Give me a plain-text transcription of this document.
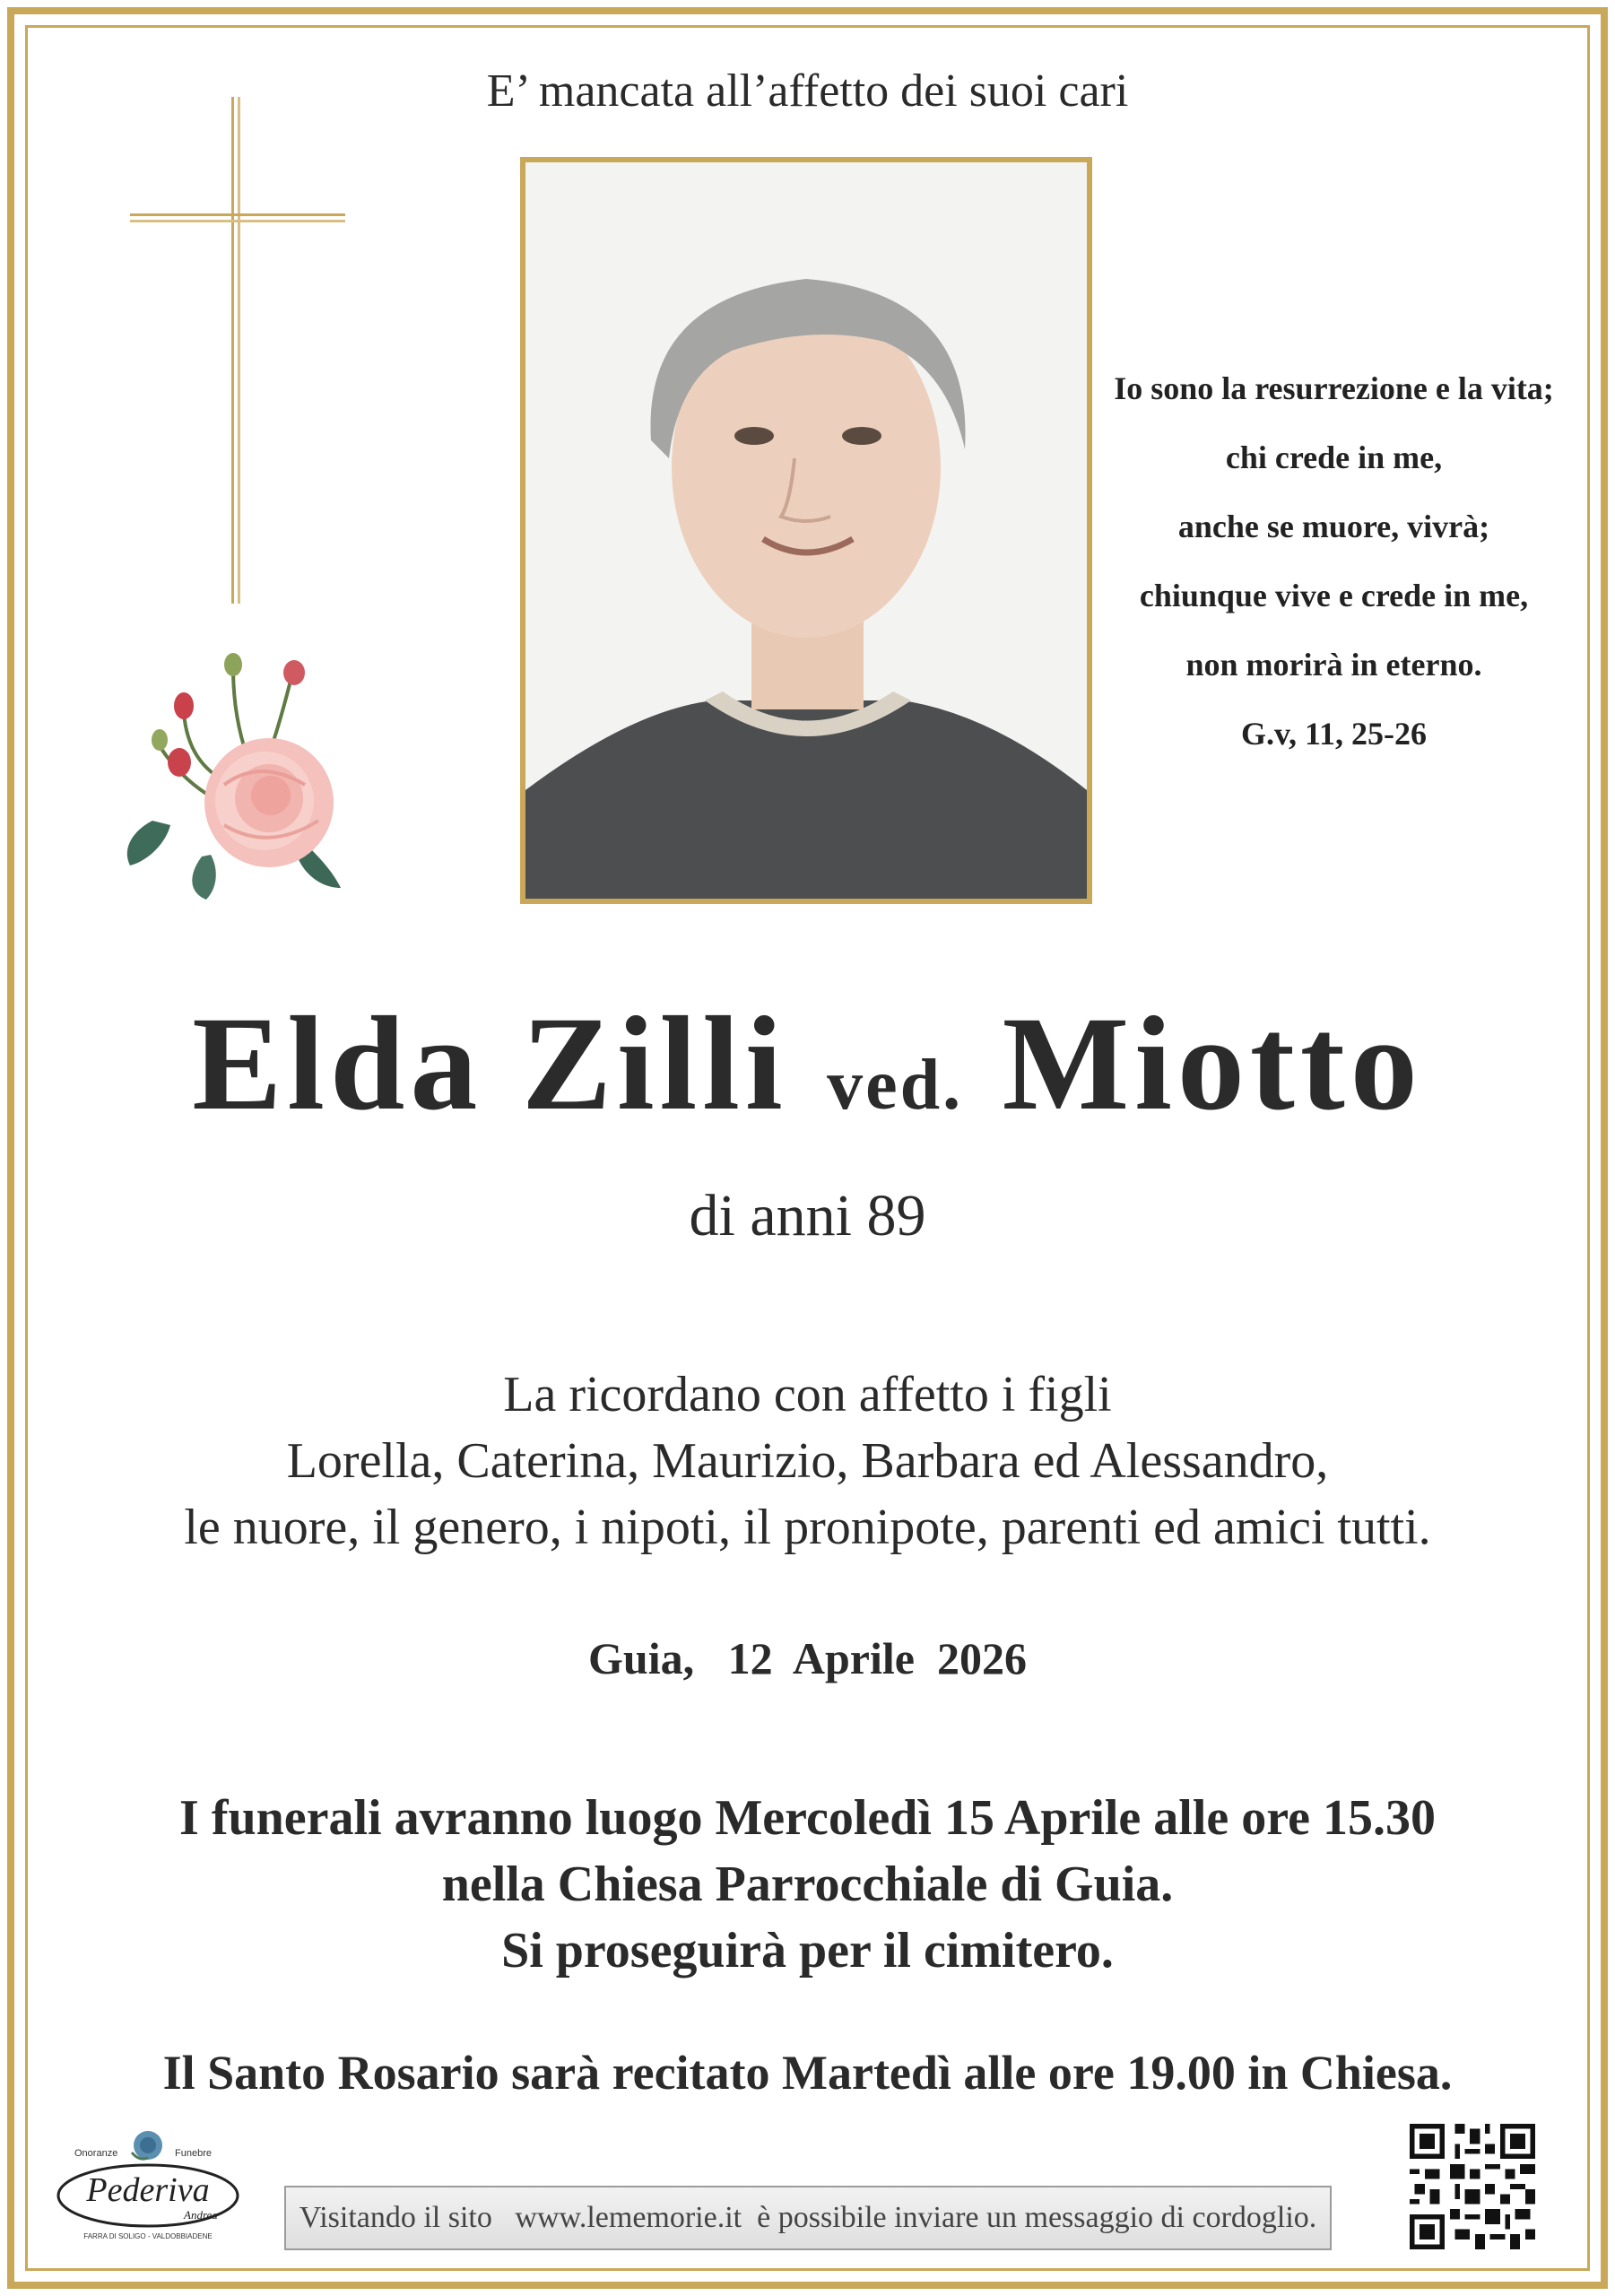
E’ mancata all’affetto dei suoi cari
Io sono la resurrezione e la vita;
chi crede in me,
anche se muore, vivrà;
chiunque vive e crede in me,
non morirà in eterno.
G.v, 11, 25-26
Elda Zilli ved. Miotto
di anni 89
La ricordano con affetto i figli
Lorella, Caterina, Maurizio, Barbara ed Alessandro,
le nuore, il genero, i nipoti, il pronipote, parenti ed amici tutti.
Guia, 12 Aprile 2026
I funerali avranno luogo Mercoledì 15 Aprile alle ore 15.30
nella Chiesa Parrocchiale di Guia.
Si proseguirà per il cimitero.
Il Santo Rosario sarà recitato Martedì alle ore 19.00 in Chiesa.
Onoranze	Funebre
Pederiva
Andrea
FARRA DI SOLIGO - VALDOBBIADENE
Visitando il sito
www.lememorie.it
è possibile inviare un messaggio di cordoglio.
